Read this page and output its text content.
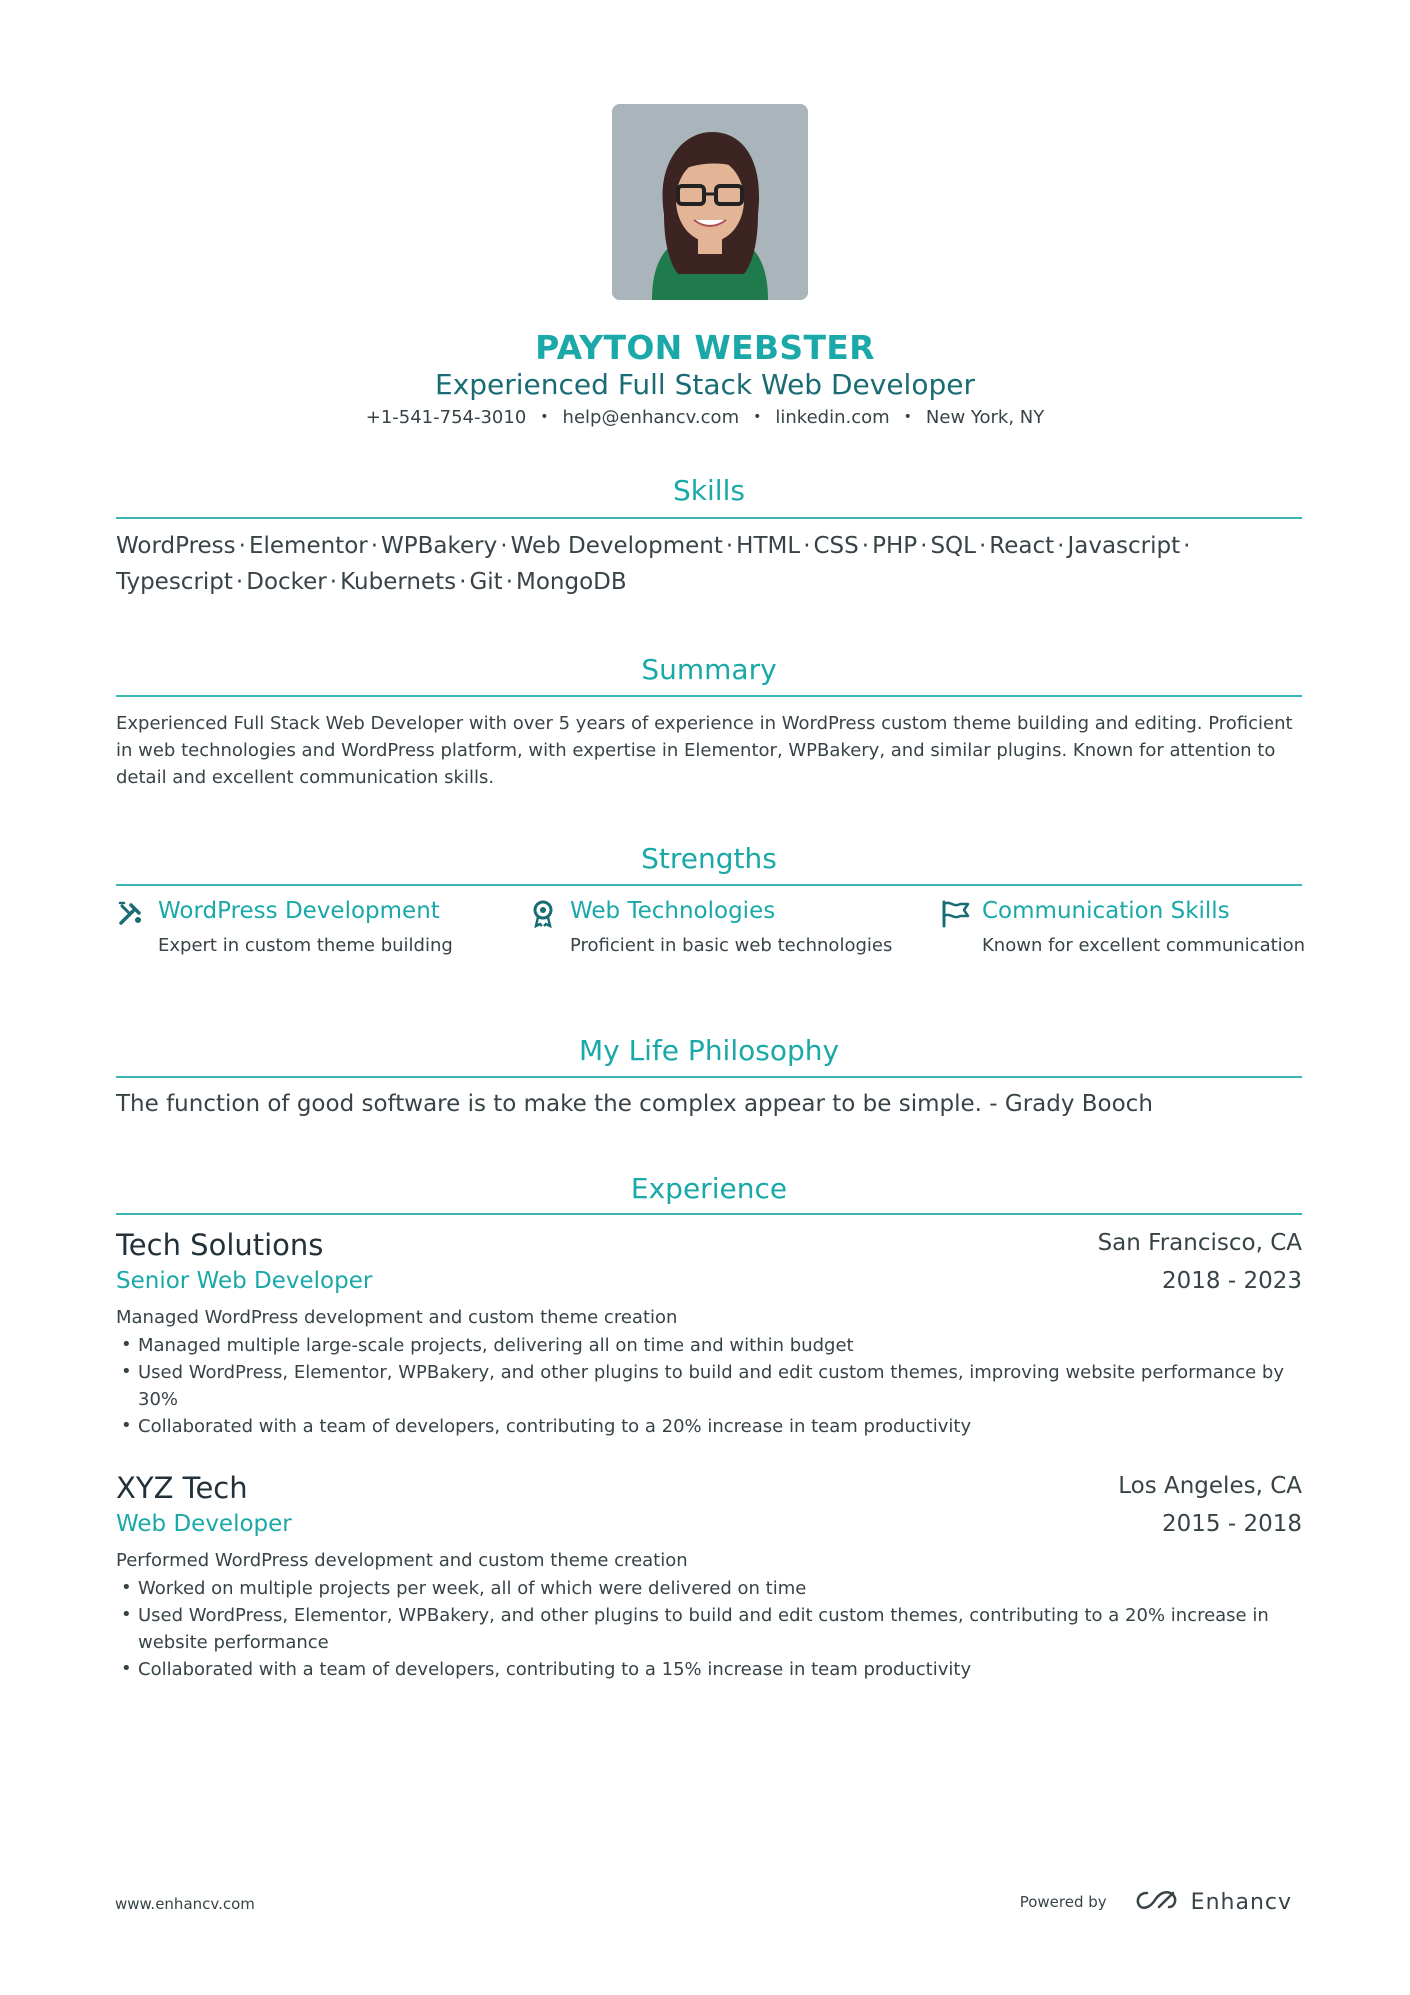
PAYTON WEBSTER
Experienced Full Stack Web Developer
+1-541-754-3010 • help@enhancv.com • linkedin.com • New York, NY
Skills
WordPress · Elementor · WPBakery · Web Development · HTML · CSS · PHP · SQL · React · Javascript ·
Typescript · Docker · Kubernets · Git · MongoDB
Summary
Experienced Full Stack Web Developer with over 5 years of experience in WordPress custom theme building and editing. Proficient in web technologies and WordPress platform, with expertise in Elementor, WPBakery, and similar plugins. Known for attention to detail and excellent communication skills.
Strengths
WordPress Development
Expert in custom theme building
Web Technologies
Proficient in basic web technologies
Communication Skills
Known for excellent communication
My Life Philosophy
The function of good software is to make the complex appear to be simple. - Grady Booch
Experience
Tech Solutions	San Francisco, CA
Senior Web Developer	2018 - 2023
Managed WordPress development and custom theme creation
• Managed multiple large-scale projects, delivering all on time and within budget
• Used WordPress, Elementor, WPBakery, and other plugins to build and edit custom themes, improving website performance by 30%
• Collaborated with a team of developers, contributing to a 20% increase in team productivity
XYZ Tech	Los Angeles, CA
Web Developer	2015 - 2018
Performed WordPress development and custom theme creation
• Worked on multiple projects per week, all of which were delivered on time
• Used WordPress, Elementor, WPBakery, and other plugins to build and edit custom themes, contributing to a 20% increase in website performance
• Collaborated with a team of developers, contributing to a 15% increase in team productivity
www.enhancv.com	Powered by	Enhancv
